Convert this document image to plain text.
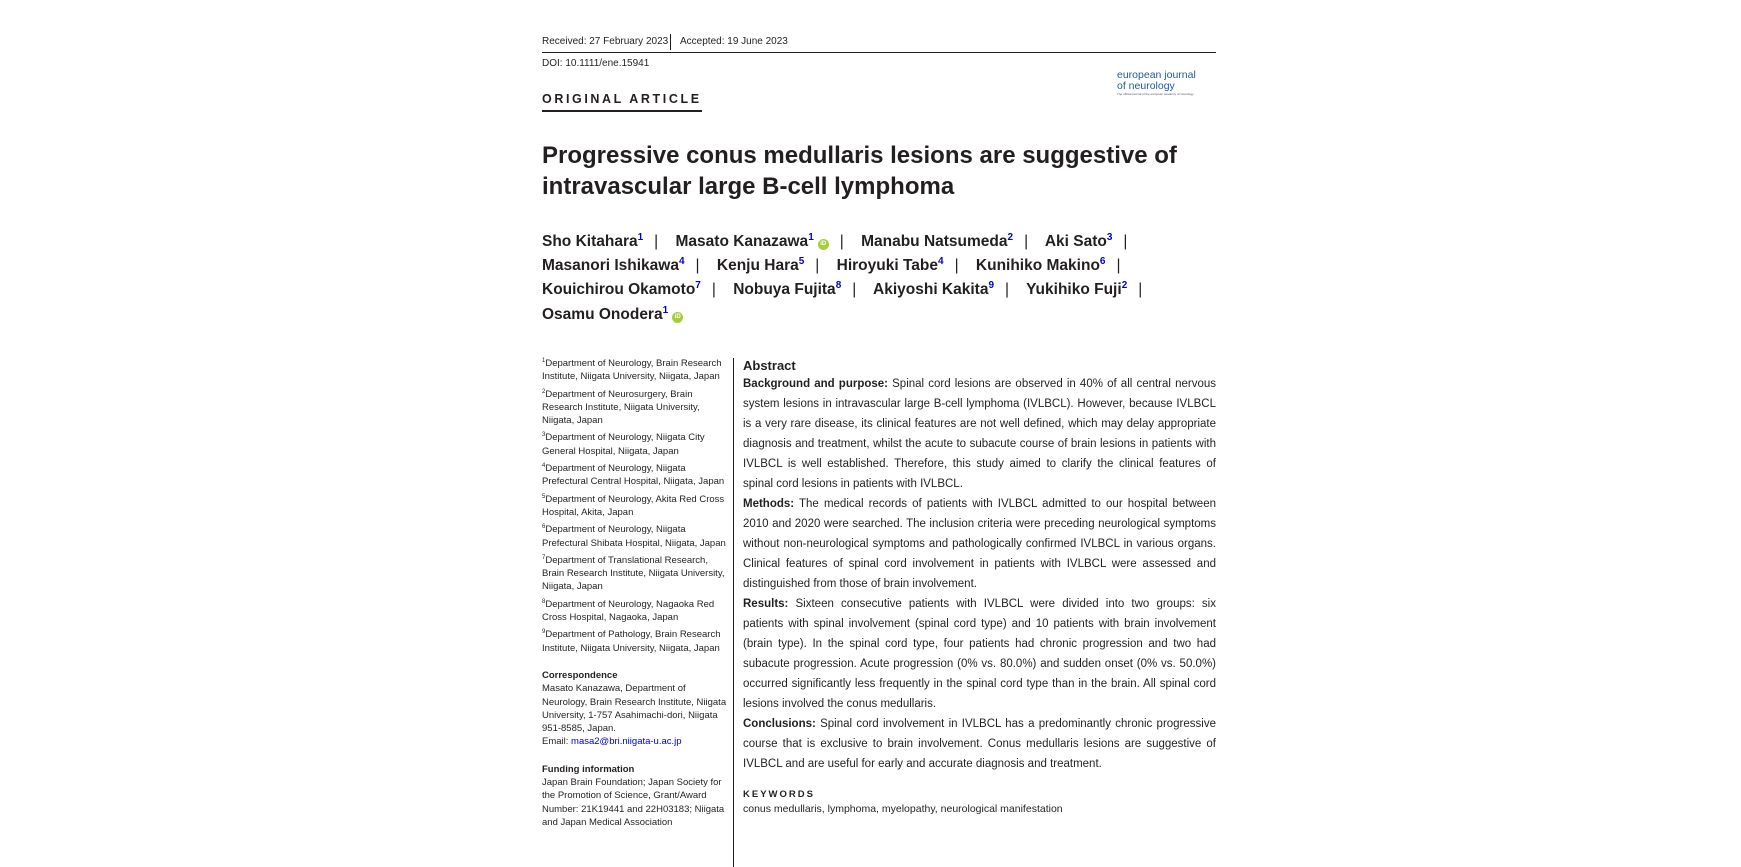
Received: 27 February 2023 Accepted: 19 June 2023
DOI: 10.1111/ene.15941
european journal
of neurology
The official journal of the european academy of neurology
ORIGINAL ARTICLE
Progressive conus medullaris lesions are suggestive of intravascular large B-cell lymphoma
Sho Kitahara$^1$ | Masato Kanazawa$^1$iD | Manabu Natsumeda$^2$ | Aki Sato$^3$ |
Masanori Ishikawa$^4$ | Kenju Hara$^5$ | Hiroyuki Tabe$^4$ | Kunihiko Makino$^6$ |
Kouichirou Okamoto$^7$ | Nobuya Fujita$^8$ | Akiyoshi Kakita$^9$ | Yukihiko Fuji$^2$ |
Osamu Onodera$^1$iD
$^1$Department of Neurology, Brain Research Institute, Niigata University, Niigata, Japan
$^2$Department of Neurosurgery, Brain Research Institute, Niigata University, Niigata, Japan
$^3$Department of Neurology, Niigata City General Hospital, Niigata, Japan
$^4$Department of Neurology, Niigata Prefectural Central Hospital, Niigata, Japan
$^5$Department of Neurology, Akita Red Cross Hospital, Akita, Japan
$^6$Department of Neurology, Niigata Prefectural Shibata Hospital, Niigata, Japan
$^7$Department of Translational Research, Brain Research Institute, Niigata University, Niigata, Japan
$^8$Department of Neurology, Nagaoka Red Cross Hospital, Nagaoka, Japan
$^9$Department of Pathology, Brain Research Institute, Niigata University, Niigata, Japan
Correspondence
Masato Kanazawa, Department of Neurology, Brain Research Institute, Niigata University, 1-757 Asahimachi-dori, Niigata 951-8585, Japan.
Email: masa2@bri.niigata-u.ac.jp
Funding information
Japan Brain Foundation; Japan Society for the Promotion of Science, Grant/Award Number: 21K19441 and 22H03183; Niigata and Japan Medical Association
Abstract

Background and purpose: Spinal cord lesions are observed in 40% of all central nervous system lesions in intravascular large B-cell lymphoma (IVLBCL). However, because IVLBCL is a very rare disease, its clinical features are not well defined, which may delay appropriate diagnosis and treatment, whilst the acute to subacute course of brain lesions in patients with IVLBCL is well established. Therefore, this study aimed to clarify the clinical features of spinal cord lesions in patients with IVLBCL.

Methods: The medical records of patients with IVLBCL admitted to our hospital between 2010 and 2020 were searched. The inclusion criteria were preceding neurological symptoms without non-neurological symptoms and pathologically confirmed IVLBCL in various organs. Clinical features of spinal cord involvement in patients with IVLBCL were assessed and distinguished from those of brain involvement.

Results: Sixteen consecutive patients with IVLBCL were divided into two groups: six patients with spinal involvement (spinal cord type) and 10 patients with brain involvement (brain type). In the spinal cord type, four patients had chronic progression and two had subacute progression. Acute progression (0% vs. 80.0%) and sudden onset (0% vs. 50.0%) occurred significantly less frequently in the spinal cord type than in the brain. All spinal cord lesions involved the conus medullaris.

Conclusions: Spinal cord involvement in IVLBCL has a predominantly chronic progressive course that is exclusive to brain involvement. Conus medullaris lesions are suggestive of IVLBCL and are useful for early and accurate diagnosis and treatment.

KEYWORDS
conus medullaris, lymphoma, myelopathy, neurological manifestation
